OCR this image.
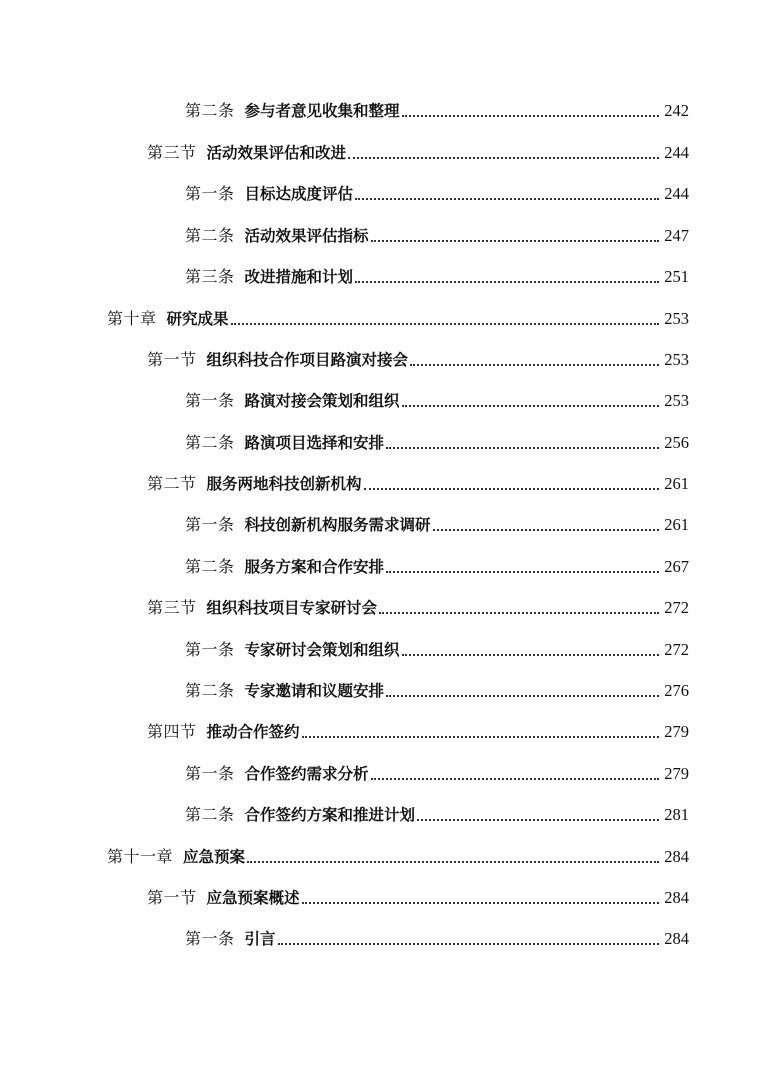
第二条 参与者意见收集和整理	242
第三节 活动效果评估和改进	244
第一条 目标达成度评估	244
第二条 活动效果评估指标	247
第三条 改进措施和计划	251
第十章 研究成果	253
第一节 组织科技合作项目路演对接会	253
第一条 路演对接会策划和组织	253
第二条 路演项目选择和安排	256
第二节 服务两地科技创新机构	261
第一条 科技创新机构服务需求调研	261
第二条 服务方案和合作安排	267
第三节 组织科技项目专家研讨会	272
第一条 专家研讨会策划和组织	272
第二条 专家邀请和议题安排	276
第四节 推动合作签约	279
第一条 合作签约需求分析	279
第二条 合作签约方案和推进计划	281
第十一章 应急预案	284
第一节 应急预案概述	284
第一条 引言	284
